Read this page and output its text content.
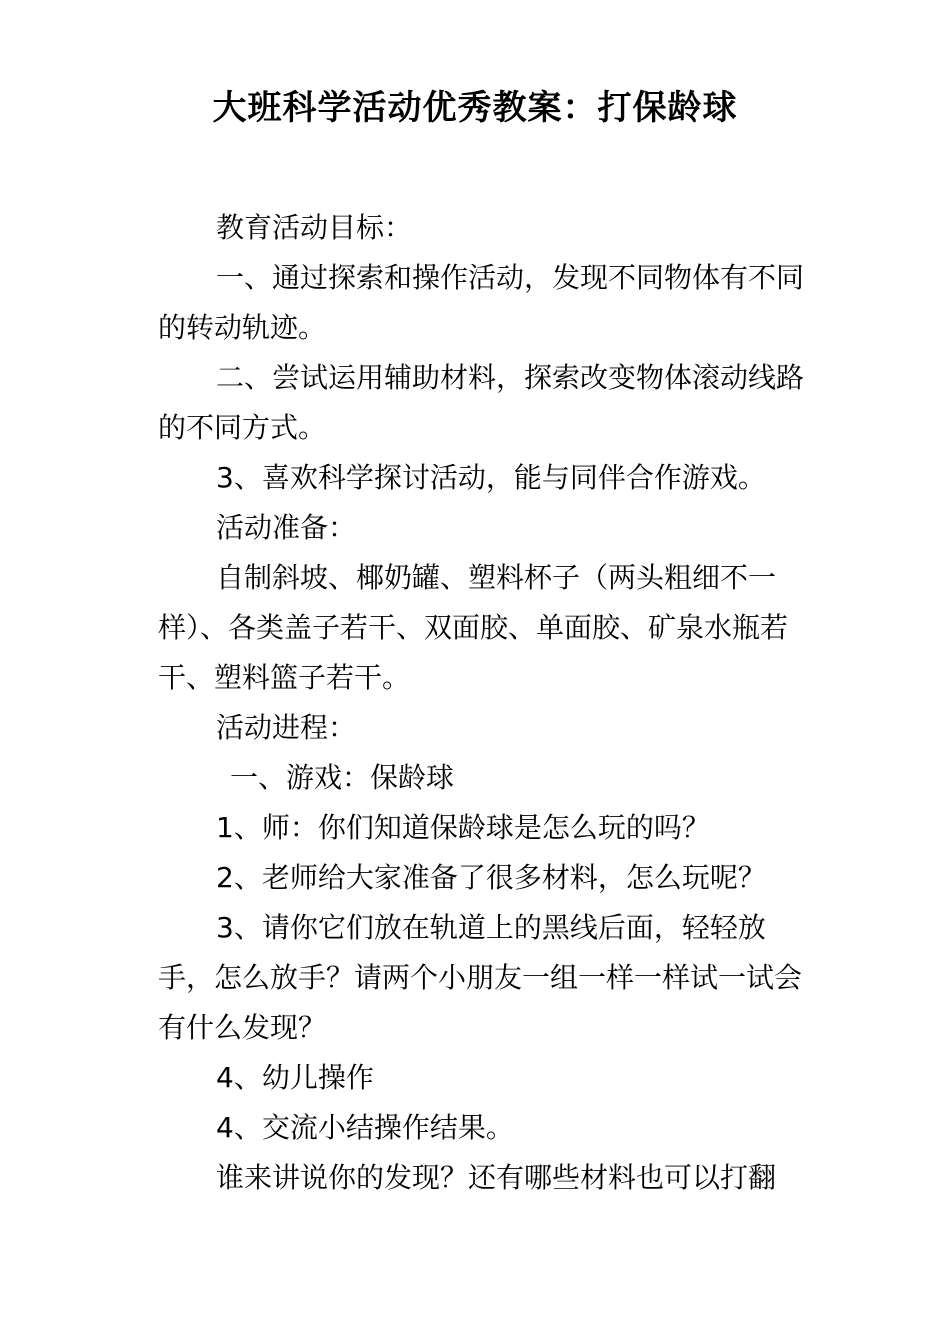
大班科学活动优秀教案：打保龄球

教育活动目标：

一、通过探索和操作活动，发现不同物体有不同的转动轨迹。

二、尝试运用辅助材料，探索改变物体滚动线路的不同方式。

3、喜欢科学探讨活动，能与同伴合作游戏。

活动准备：

自制斜坡、椰奶罐、塑料杯子（两头粗细不一样）、各类盖子若干、双面胶、单面胶、矿泉水瓶若干、塑料篮子若干。

活动进程：

一、游戏：保龄球

1、师：你们知道保龄球是怎么玩的吗？

2、老师给大家准备了很多材料，怎么玩呢？

3、请你它们放在轨道上的黑线后面，轻轻放手，怎么放手？请两个小朋友一组一样一样试一试会有什么发现？

4、幼儿操作

4、交流小结操作结果。

谁来讲说你的发现？还有哪些材料也可以打翻
